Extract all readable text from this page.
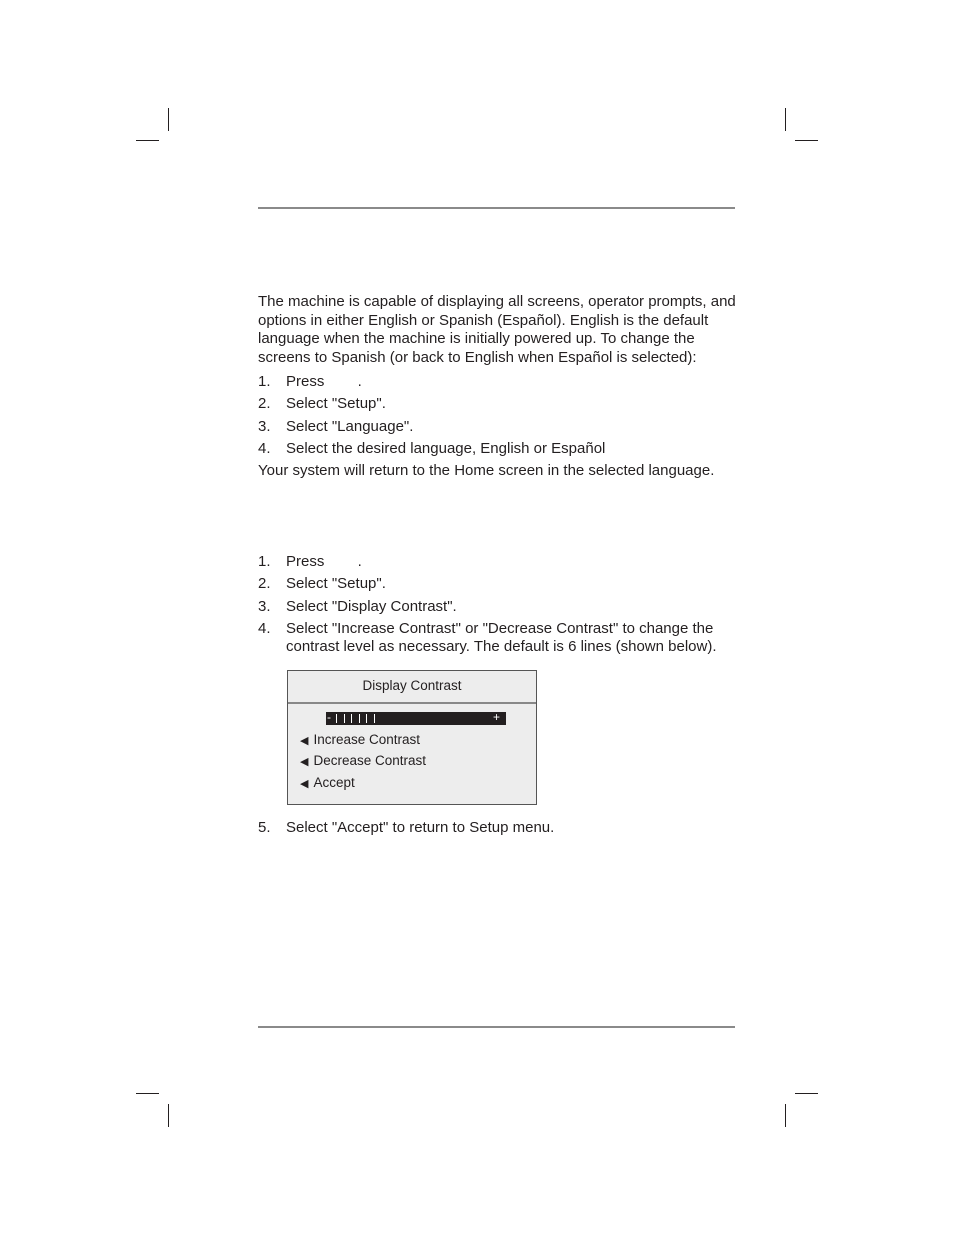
The machine is capable of displaying all screens, operator prompts, and options in either English or Spanish (Español). English is the default language when the machine is initially powered up. To change the screens to Spanish (or back to English when Español is selected):

1. Press        .
2. Select "Setup".
3. Select "Language".
4. Select the desired language, English or Español

Your system will return to the Home screen in the selected language.

1. Press        .
2. Select "Setup".
3. Select "Display Contrast".
4. Select "Increase Contrast" or "Decrease Contrast" to change the contrast level as necessary. The default is 6 lines (shown below).
Display Contrast
-	+
◀ Increase Contrast
◀ Decrease Contrast
◀ Accept
5. Select "Accept" to return to Setup menu.
